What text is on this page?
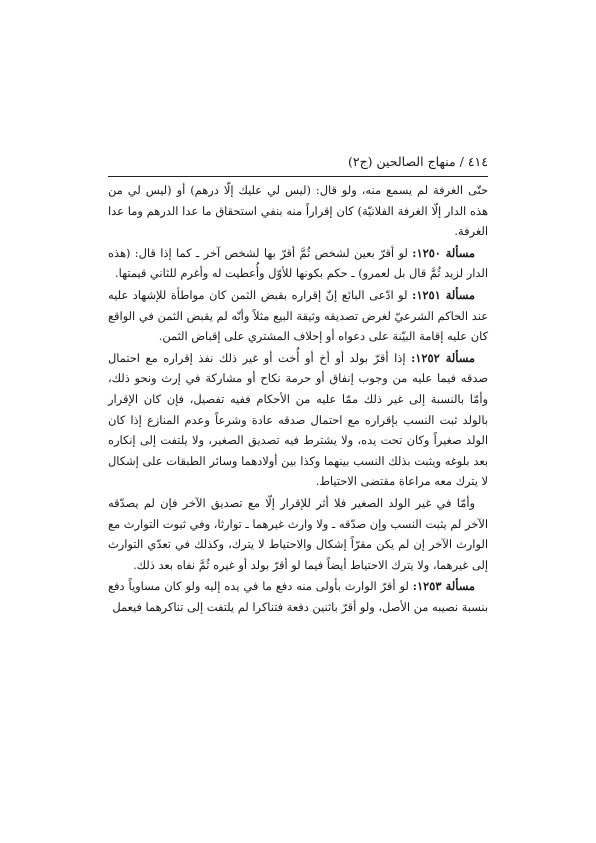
٤١٤ / منهاج الصالحين (ج٢)

حتّى الغرفة لم يسمع منه، ولو قال: (ليس لي عليك إلّا درهم) أو (ليس لي من هذه الدار إلّا الغرفة الفلانيّة) كان إقراراً منه بنفي استحقاق ما عدا الدرهم وما عدا الغرفة.

مسألة ١٢٥٠: لو أقرّ بعين لشخص ثُمَّ أقرّ بها لشخص آخر ـ كما إذا قال: (هذه الدار لزيد ثُمَّ قال بل لعمرو) ـ حكم بكونها للأوّل وأُعطيت له وأغرم للثاني قيمتها.

مسألة ١٢٥١: لو ادّعى البائع إنّ إقراره بقبض الثمن كان مواطأة للإشهاد عليه عند الحاكم الشرعيّ لغرض تصديقه وثيقة البيع مثلاً وأنّه لم يقبض الثمن في الواقع كان عليه إقامة البيّنة على دعواه أو إحلاف المشتري على إقباض الثمن.

مسألة ١٢٥٢: إذا أقرّ بولد أو أخ أو أُخت أو غير ذلك نفذ إقراره مع احتمال صدقه فيما عليه من وجوب إنفاق أو حرمة نكاح أو مشاركة في إرث ونحو ذلك، وأمّا بالنسبة إلى غير ذلك ممّا عليه من الأحكام ففيه تفصيل، فإن كان الإقرار بالولد ثبت النسب بإقراره مع احتمال صدقه عادة وشرعاً وعدم المنازع إذا كان الولد صغيراً وكان تحت يده، ولا يشترط فيه تصديق الصغير، ولا يلتفت إلى إنكاره بعد بلوغه ويثبت بذلك النسب بينهما وكذا بين أولادهما وسائر الطبقات على إشكال لا يترك معه مراعاة مقتضى الاحتياط.

وأمّا في غير الولد الصغير فلا أثر للإقرار إلّا مع تصديق الآخر فإن لم يصدّقه الآخر لم يثبت النسب وإن صدّقه ـ ولا وارث غيرهما ـ توارثا، وفي ثبوت التوارث مع الوارث الآخر إن لم يكن مقرّاً إشكال والاحتياط لا يترك، وكذلك في تعدّي التوارث إلى غيرهما، ولا يترك الاحتياط أيضاً فيما لو أقرّ بولد أو غيره ثُمَّ نفاه بعد ذلك.

مسألة ١٢٥٣: لو أقرّ الوارث بأولى منه دفع ما في يده إليه ولو كان مساوياً دفع بنسبة نصيبه من الأصل، ولو أقرّ باثنين دفعة فتناكرا لم يلتفت إلى تناكرهما فيعمل
